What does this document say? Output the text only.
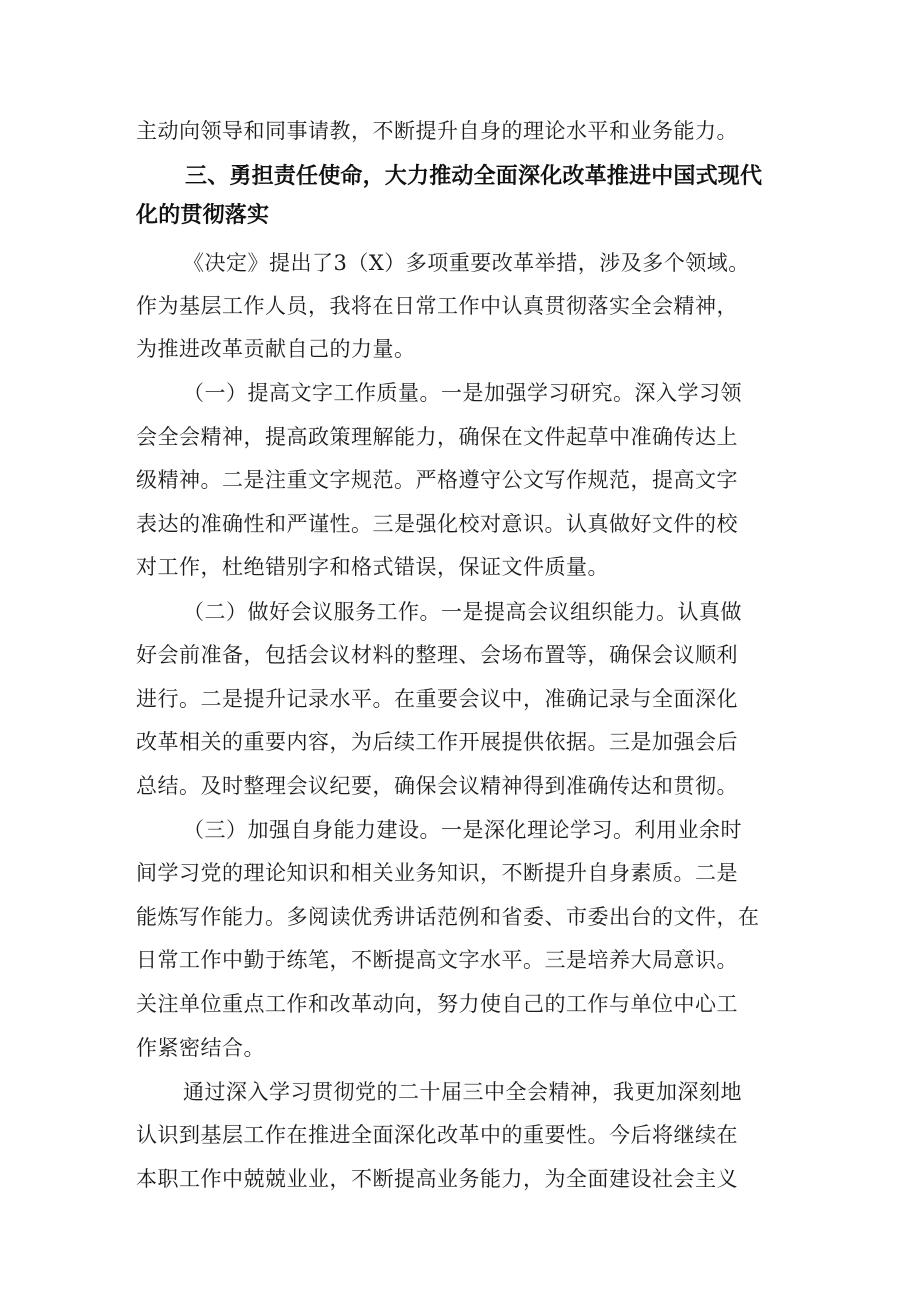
主动向领导和同事请教，不断提升自身的理论水平和业务能力。
三、勇担责任使命，大力推动全面深化改革推进中国式现代
化的贯彻落实
《决定》提出了3（X）多项重要改革举措，涉及多个领域。
作为基层工作人员，我将在日常工作中认真贯彻落实全会精神，
为推进改革贡献自己的力量。
（一）提高文字工作质量。一是加强学习研究。深入学习领
会全会精神，提高政策理解能力，确保在文件起草中准确传达上
级精神。二是注重文字规范。严格遵守公文写作规范，提高文字
表达的准确性和严谨性。三是强化校对意识。认真做好文件的校
对工作，杜绝错别字和格式错误，保证文件质量。
（二）做好会议服务工作。一是提高会议组织能力。认真做
好会前准备，包括会议材料的整理、会场布置等，确保会议顺利
进行。二是提升记录水平。在重要会议中，准确记录与全面深化
改革相关的重要内容，为后续工作开展提供依据。三是加强会后
总结。及时整理会议纪要，确保会议精神得到准确传达和贯彻。
（三）加强自身能力建设。一是深化理论学习。利用业余时
间学习党的理论知识和相关业务知识，不断提升自身素质。二是
能炼写作能力。多阅读优秀讲话范例和省委、市委出台的文件，在
日常工作中勤于练笔，不断提高文字水平。三是培养大局意识。
关注单位重点工作和改革动向，努力使自己的工作与单位中心工
作紧密结合。
通过深入学习贯彻党的二十届三中全会精神，我更加深刻地
认识到基层工作在推进全面深化改革中的重要性。今后将继续在
本职工作中兢兢业业，不断提高业务能力，为全面建设社会主义
